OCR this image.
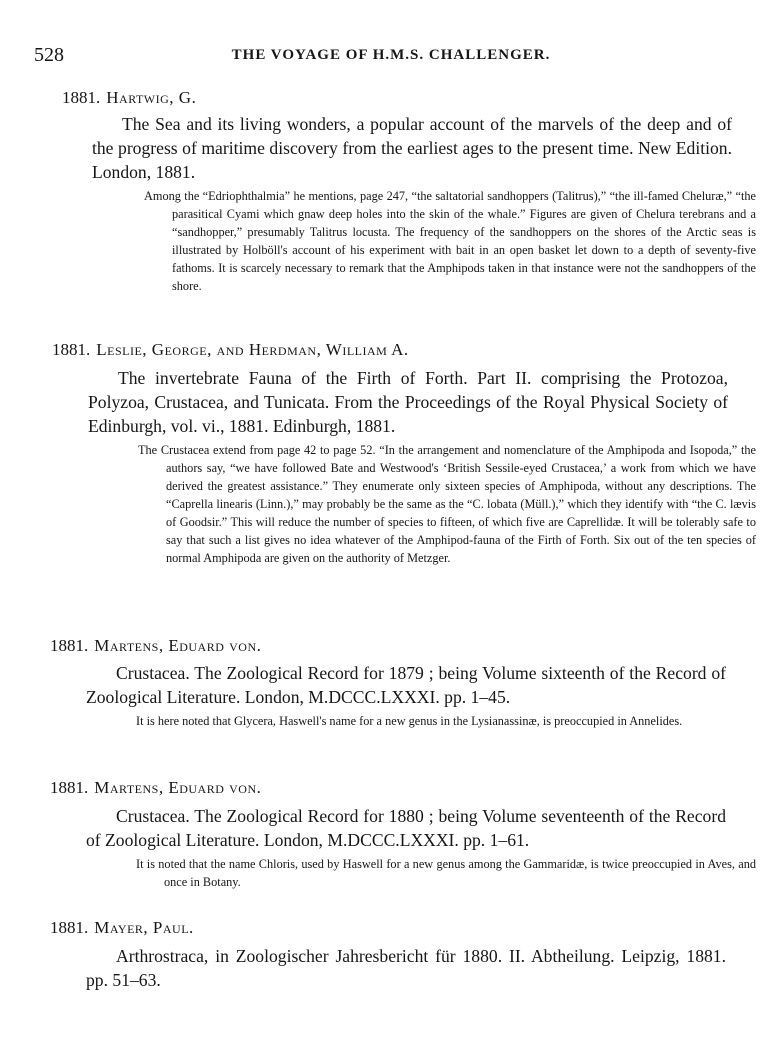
528	THE VOYAGE OF H.M.S. CHALLENGER.
1881. Hartwig, G.
The Sea and its living wonders, a popular account of the marvels of the deep and of the progress of maritime discovery from the earliest ages to the present time. New Edition. London, 1881.
Among the “Edriophthalmia” he mentions, page 247, “the saltatorial sandhoppers (Talitrus),” “the ill-famed Cheluræ,” “the parasitical Cyami which gnaw deep holes into the skin of the whale.” Figures are given of Chelura terebrans and a “sandhopper,” presumably Talitrus locusta. The frequency of the sandhoppers on the shores of the Arctic seas is illustrated by Holböll's account of his experiment with bait in an open basket let down to a depth of seventy-five fathoms. It is scarcely necessary to remark that the Amphipods taken in that instance were not the sandhoppers of the shore.
1881. Leslie, George, and Herdman, William A.
The invertebrate Fauna of the Firth of Forth. Part II. comprising the Protozoa, Polyzoa, Crustacea, and Tunicata. From the Proceedings of the Royal Physical Society of Edinburgh, vol. vi., 1881. Edinburgh, 1881.
The Crustacea extend from page 42 to page 52. “In the arrangement and nomenclature of the Amphipoda and Isopoda,” the authors say, “we have followed Bate and Westwood's ‘British Sessile-eyed Crustacea,’ a work from which we have derived the greatest assistance.” They enumerate only sixteen species of Amphipoda, without any descriptions. The “Caprella linearis (Linn.),” may probably be the same as the “C. lobata (Müll.),” which they identify with “the C. lævis of Goodsir.” This will reduce the number of species to fifteen, of which five are Caprellidæ. It will be tolerably safe to say that such a list gives no idea whatever of the Amphipod-fauna of the Firth of Forth. Six out of the ten species of normal Amphipoda are given on the authority of Metzger.
1881. Martens, Eduard von.
Crustacea. The Zoological Record for 1879 ; being Volume sixteenth of the Record of Zoological Literature. London, M.DCCC.LXXXI. pp. 1–45.
It is here noted that Glycera, Haswell's name for a new genus in the Lysianassinæ, is preoccupied in Annelides.
1881. Martens, Eduard von.
Crustacea. The Zoological Record for 1880 ; being Volume seventeenth of the Record of Zoological Literature. London, M.DCCC.LXXXI. pp. 1–61.
It is noted that the name Chloris, used by Haswell for a new genus among the Gammaridæ, is twice preoccupied in Aves, and once in Botany.
1881. Mayer, Paul.
Arthrostraca, in Zoologischer Jahresbericht für 1880. II. Abtheilung. Leipzig, 1881. pp. 51–63.
